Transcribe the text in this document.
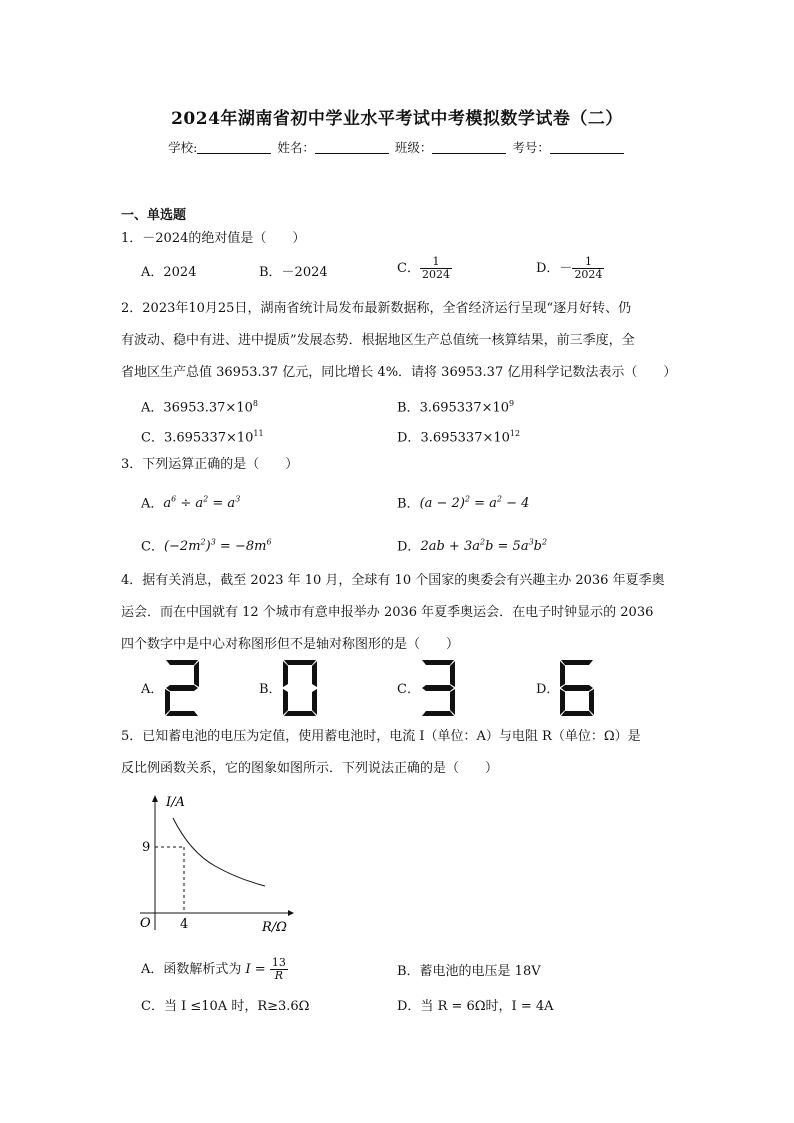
2024年湖南省初中学业水平考试中考模拟数学试卷（二）
学校:	姓名：	班级：	考号：
一、单选题
1．－2024的绝对值是（　　）
A．2024	B．－2024	C． $\frac{1}{2024}$	D．－ $\frac{1}{2024}$

2．2023年10月25日，湖南省统计局发布最新数据称，全省经济运行呈现“逐月好转、仍

有波动、稳中有进、进中提质”发展态势．根据地区生产总值统一核算结果，前三季度，全

省地区生产总值 36953.37 亿元，同比增长 4%．请将 36953.37 亿用科学记数法表示（　　）

A．$36953.37\times 10^8$	B．$3.695337\times 10^9$
C．$3.695337\times 10^{11}$	D．$3.695337\times 10^{12}$
3．下列运算正确的是（　　）
A．$a^6 \div a^2 = a^3$	B．$(a - 2)^2 = a^2 - 4$
C．$(-2m^2)^3 = -8m^6$	D．$2ab + 3a^2b = 5a^3b^2$

4．据有关消息，截至 2023 年 10 月，全球有 10 个国家的奥委会有兴趣主办 2036 年夏季奥

运会．而在中国就有 12 个城市有意申报举办 2036 年夏季奥运会．在电子时钟显示的 2036

四个数字中是中心对称图形但不是轴对称图形的是（　　）

A．	B．	C．	D．

5．已知蓄电池的电压为定值，使用蓄电池时，电流 I（单位：A）与电阻 R（单位：Ω）是

反比例函数关系，它的图象如图所示．下列说法正确的是（　　）

I/A
R/Ω
O
9
4
A．函数解析式为 $I = \frac{13}{R}$	B．蓄电池的电压是 18V
C．当 I ≤10A 时，R≥3.6Ω	D．当 R = 6Ω时，I = 4A
